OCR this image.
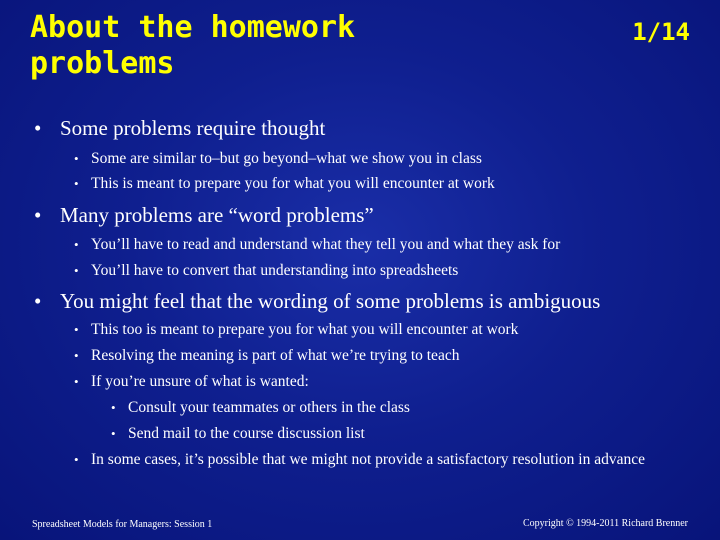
About the homework
problems
1/14
• Some problems require thought
• Some are similar to–but go beyond–what we show you in class
• This is meant to prepare you for what you will encounter at work
• Many problems are “word problems”
• You’ll have to read and understand what they tell you and what they ask for
• You’ll have to convert that understanding into spreadsheets
• You might feel that the wording of some problems is ambiguous
• This too is meant to prepare you for what you will encounter at work
• Resolving the meaning is part of what we’re trying to teach
• If you’re unsure of what is wanted:
• Consult your teammates or others in the class
• Send mail to the course discussion list
• In some cases, it’s possible that we might not provide a satisfactory resolution in advance
Spreadsheet Models for Managers: Session 1	Copyright © 1994-2011 Richard Brenner
